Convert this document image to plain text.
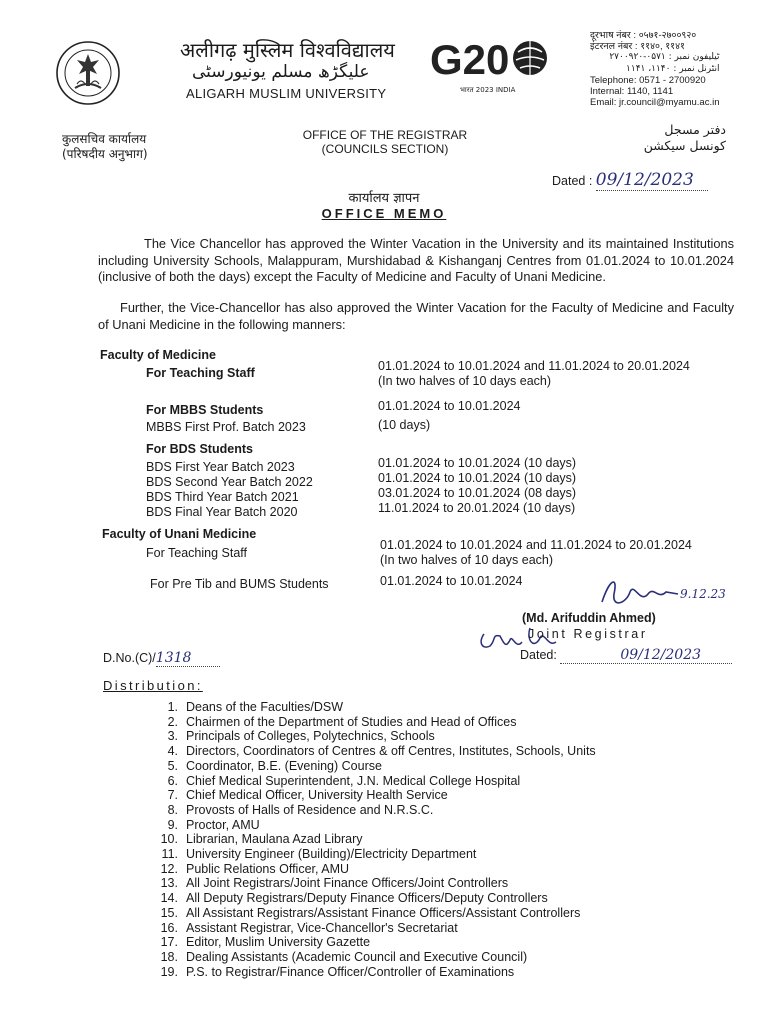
अलीगढ़ मुस्लिम विश्वविद्यालय
علیگڑھ مسلم یونیورسٹی
ALIGARH MUSLIM UNIVERSITY
G20
भारत 2023 INDIA
दूरभाष नंबर : ०५७१-२७००९२०
इंटरनल नंबर : ११४०, ११४१
ٹیلیفون نمبر : ۰۵۷۱-۲۷۰۰۹۲۰
انٹرنل نمبر : ۱۱۴۰، ۱۱۴۱
Telephone: 0571 - 2700920
Internal: 1140, 1141
Email: jr.council@myamu.ac.in
कुलसचिव कार्यालय
(परिषदीय अनुभाग)
OFFICE OF THE REGISTRAR
(COUNCILS SECTION)
دفتر مسجل
کونسل سیکشن
Dated : 09/12/2023
कार्यालय ज्ञापन
OFFICE MEMO
The Vice Chancellor has approved the Winter Vacation in the University and its maintained Institutions including University Schools, Malappuram, Murshidabad & Kishanganj Centres from 01.01.2024 to 10.01.2024 (inclusive of both the days) except the Faculty of Medicine and Faculty of Unani Medicine.
Further, the Vice-Chancellor has also approved the Winter Vacation for the Faculty of Medicine and Faculty of Unani Medicine in the following manners:
Faculty of Medicine
For Teaching Staff	01.01.2024 to 10.01.2024 and 11.01.2024 to 20.01.2024
(In two halves of 10 days each)
For MBBS Students	01.01.2024 to 10.01.2024
MBBS First Prof. Batch 2023	(10 days)
For BDS Students
BDS First Year Batch 2023	01.01.2024 to 10.01.2024 (10 days)
BDS Second Year Batch 2022	01.01.2024 to 10.01.2024 (10 days)
BDS Third Year Batch 2021	03.01.2024 to 10.01.2024 (08 days)
BDS Final Year Batch 2020	11.01.2024 to 20.01.2024 (10 days)
Faculty of Unani Medicine
For Teaching Staff
01.01.2024 to 10.01.2024 and 11.01.2024 to 20.01.2024
(In two halves of 10 days each)
For Pre Tib and BUMS Students	01.01.2024 to 10.01.2024
9.12.23
(Md. Arifuddin Ahmed)
Joint Registrar
Dated:	09/12/2023
D.No.(C)/1318
Distribution:
1. Deans of the Faculties/DSW
2. Chairmen of the Department of Studies and Head of Offices
3. Principals of Colleges, Polytechnics, Schools
4. Directors, Coordinators of Centres & off Centres, Institutes, Schools, Units
5. Coordinator, B.E. (Evening) Course
6. Chief Medical Superintendent, J.N. Medical College Hospital
7. Chief Medical Officer, University Health Service
8. Provosts of Halls of Residence and N.R.S.C.
9. Proctor, AMU
10. Librarian, Maulana Azad Library
11. University Engineer (Building)/Electricity Department
12. Public Relations Officer, AMU
13. All Joint Registrars/Joint Finance Officers/Joint Controllers
14. All Deputy Registrars/Deputy Finance Officers/Deputy Controllers
15. All Assistant Registrars/Assistant Finance Officers/Assistant Controllers
16. Assistant Registrar, Vice-Chancellor's Secretariat
17. Editor, Muslim University Gazette
18. Dealing Assistants (Academic Council and Executive Council)
19. P.S. to Registrar/Finance Officer/Controller of Examinations
